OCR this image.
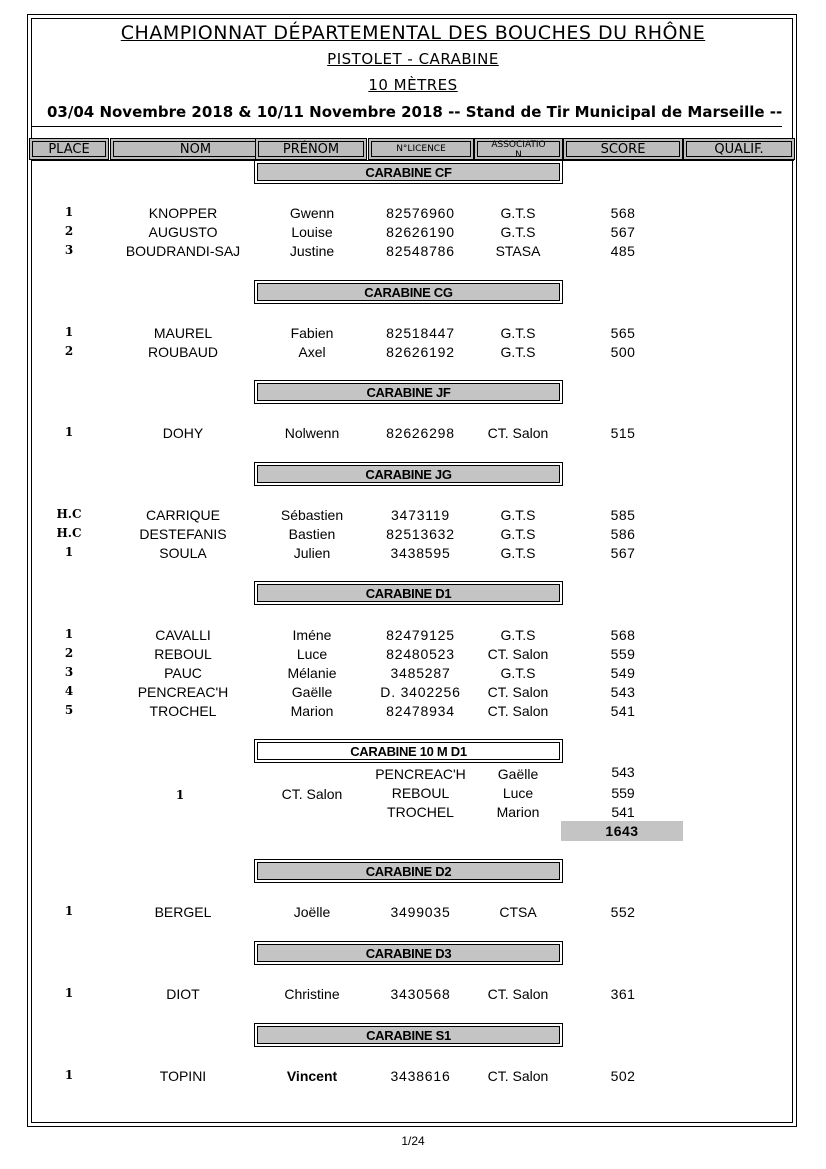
CHAMPIONNAT DÉPARTEMENTAL DES BOUCHES DU RHÔNE
PISTOLET - CARABINE
10 MÈTRES
03/04 Novembre 2018 & 10/11 Novembre 2018 -- Stand de Tir Municipal de Marseille --
PLACE	NOM	PRÉNOM	N°LICENCE	ASSOCIATION	SCORE	QUALIF.
CARABINE CF
1	KNOPPER	Gwenn	82576960	G.T.S	568
2	AUGUSTO	Louise	82626190	G.T.S	567
3	BOUDRANDI-SAJ	Justine	82548786	STASA	485
CARABINE CG
1	MAUREL	Fabien	82518447	G.T.S	565
2	ROUBAUD	Axel	82626192	G.T.S	500
CARABINE JF
1	DOHY	Nolwenn	82626298	CT. Salon	515
CARABINE JG
H.C	CARRIQUE	Sébastien	3473119	G.T.S	585
H.C	DESTEFANIS	Bastien	82513632	G.T.S	586
1	SOULA	Julien	3438595	G.T.S	567
CARABINE D1
1	CAVALLI	Iméne	82479125	G.T.S	568
2	REBOUL	Luce	82480523	CT. Salon	559
3	PAUC	Mélanie	3485287	G.T.S	549
4	PENCREAC'H	Gaëlle	D. 3402256	CT. Salon	543
5	TROCHEL	Marion	82478934	CT. Salon	541
CARABINE 10 M D1
1	CT. Salon
PENCREAC'H	Gaëlle	543
REBOUL	Luce	559
TROCHEL	Marion	541
1643
CARABINE D2
1	BERGEL	Joëlle	3499035	CTSA	552
CARABINE D3
1	DIOT	Christine	3430568	CT. Salon	361
CARABINE S1
1	TOPINI	Vincent	3438616	CT. Salon	502
1/24
